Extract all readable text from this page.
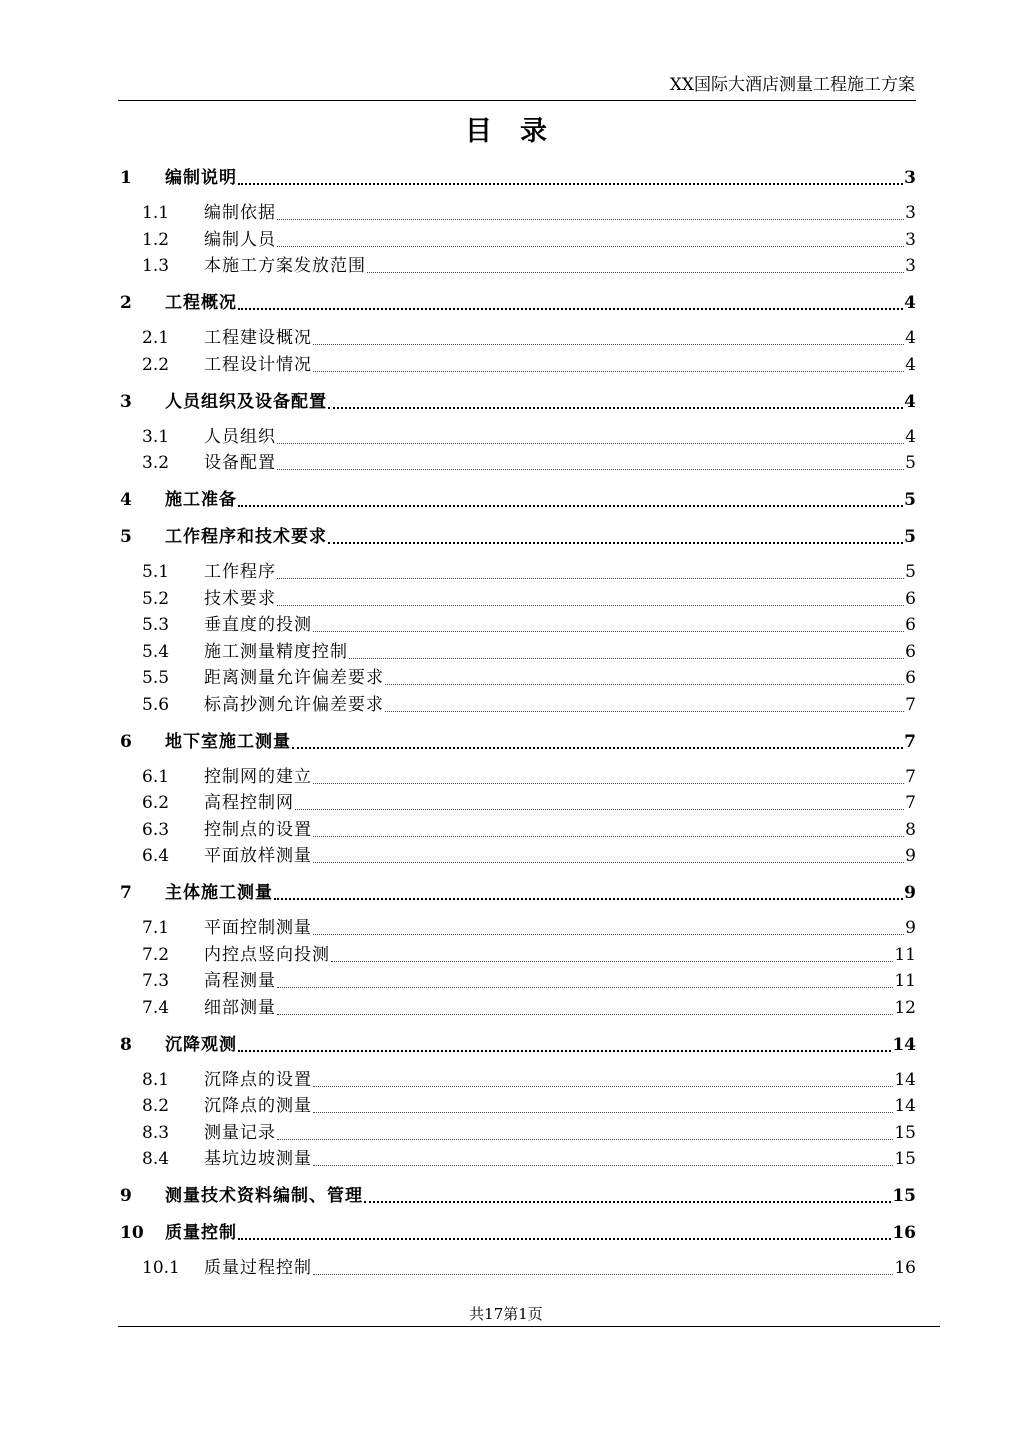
XX国际大酒店测量工程施工方案
目录
1	编制说明	3
1.1	编制依据	3
1.2	编制人员	3
1.3	本施工方案发放范围	3
2	工程概况	4
2.1	工程建设概况	4
2.2	工程设计情况	4
3	人员组织及设备配置	4
3.1	人员组织	4
3.2	设备配置	5
4	施工准备	5
5	工作程序和技术要求	5
5.1	工作程序	5
5.2	技术要求	6
5.3	垂直度的投测	6
5.4	施工测量精度控制	6
5.5	距离测量允许偏差要求	6
5.6	标高抄测允许偏差要求	7
6	地下室施工测量	7
6.1	控制网的建立	7
6.2	高程控制网	7
6.3	控制点的设置	8
6.4	平面放样测量	9
7	主体施工测量	9
7.1	平面控制测量	9
7.2	内控点竖向投测	11
7.3	高程测量	11
7.4	细部测量	12
8	沉降观测	14
8.1	沉降点的设置	14
8.2	沉降点的测量	14
8.3	测量记录	15
8.4	基坑边坡测量	15
9	测量技术资料编制、管理	15
10	质量控制	16
10.1	质量过程控制	16
共17第1页
